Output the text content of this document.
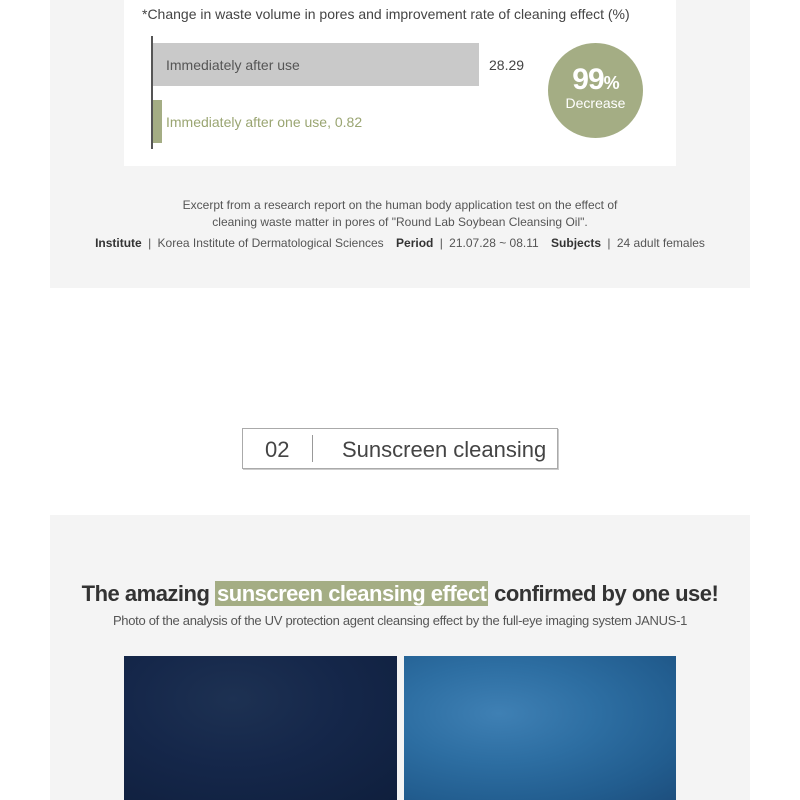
*Change in waste volume in pores and improvement rate of cleaning effect (%)
Immediately after use	28.29
Immediately after one use, 0.82
99%
Decrease
Excerpt from a research report on the human body application test on the effect of
cleaning waste matter in pores of "Round Lab Soybean Cleansing Oil".
Institute | Korea Institute of Dermatological Sciences Period | 21.07.28 ~ 08.11 Subjects | 24 adult females
02 Sunscreen cleansing
The amazing sunscreen cleansing effect confirmed by one use!
Photo of the analysis of the UV protection agent cleansing effect by the full-eye imaging system JANUS-1
